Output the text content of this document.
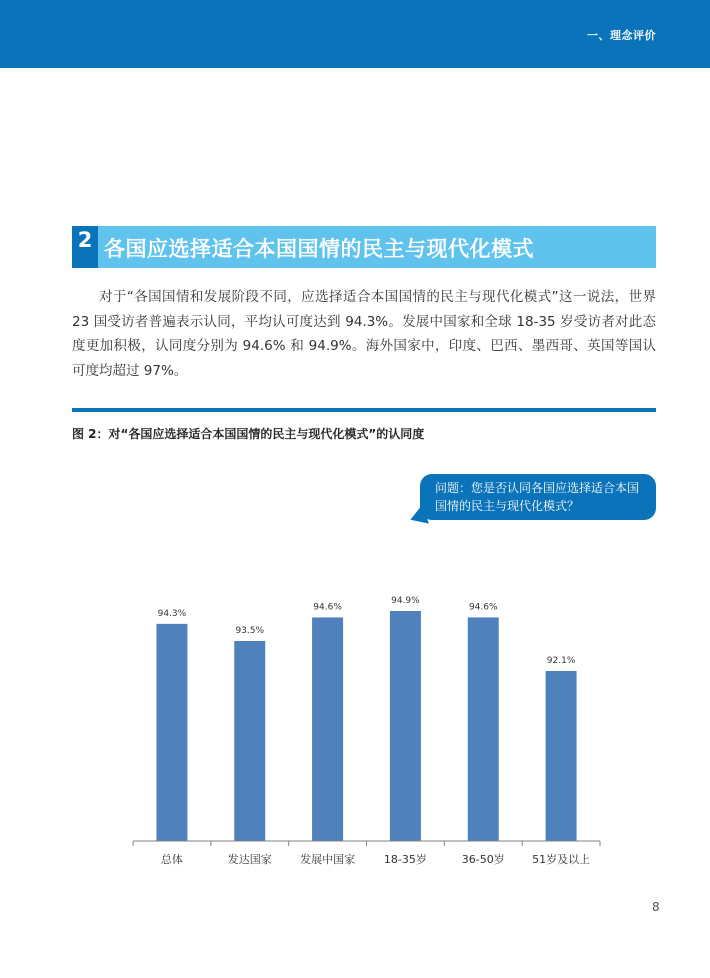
一、理念评价
2 各国应选择适合本国国情的民主与现代化模式
对于“各国国情和发展阶段不同，应选择适合本国国情的民主与现代化模式”这一说法，世界 23 国受访者普遍表示认同，平均认可度达到 94.3%。发展中国家和全球 18-35 岁受访者对此态度更加积极，认同度分别为 94.6% 和 94.9%。海外国家中，印度、巴西、墨西哥、英国等国认可度均超过 97%。
图 2：对“各国应选择适合本国国情的民主与现代化模式”的认同度
问题：您是否认同各国应选择适合本国国情的民主与现代化模式？
94.3%
总体
93.5%
发达国家
94.6%
发展中国家
94.9%
18-35岁
94.6%
36-50岁
92.1%
51岁及以上
8
